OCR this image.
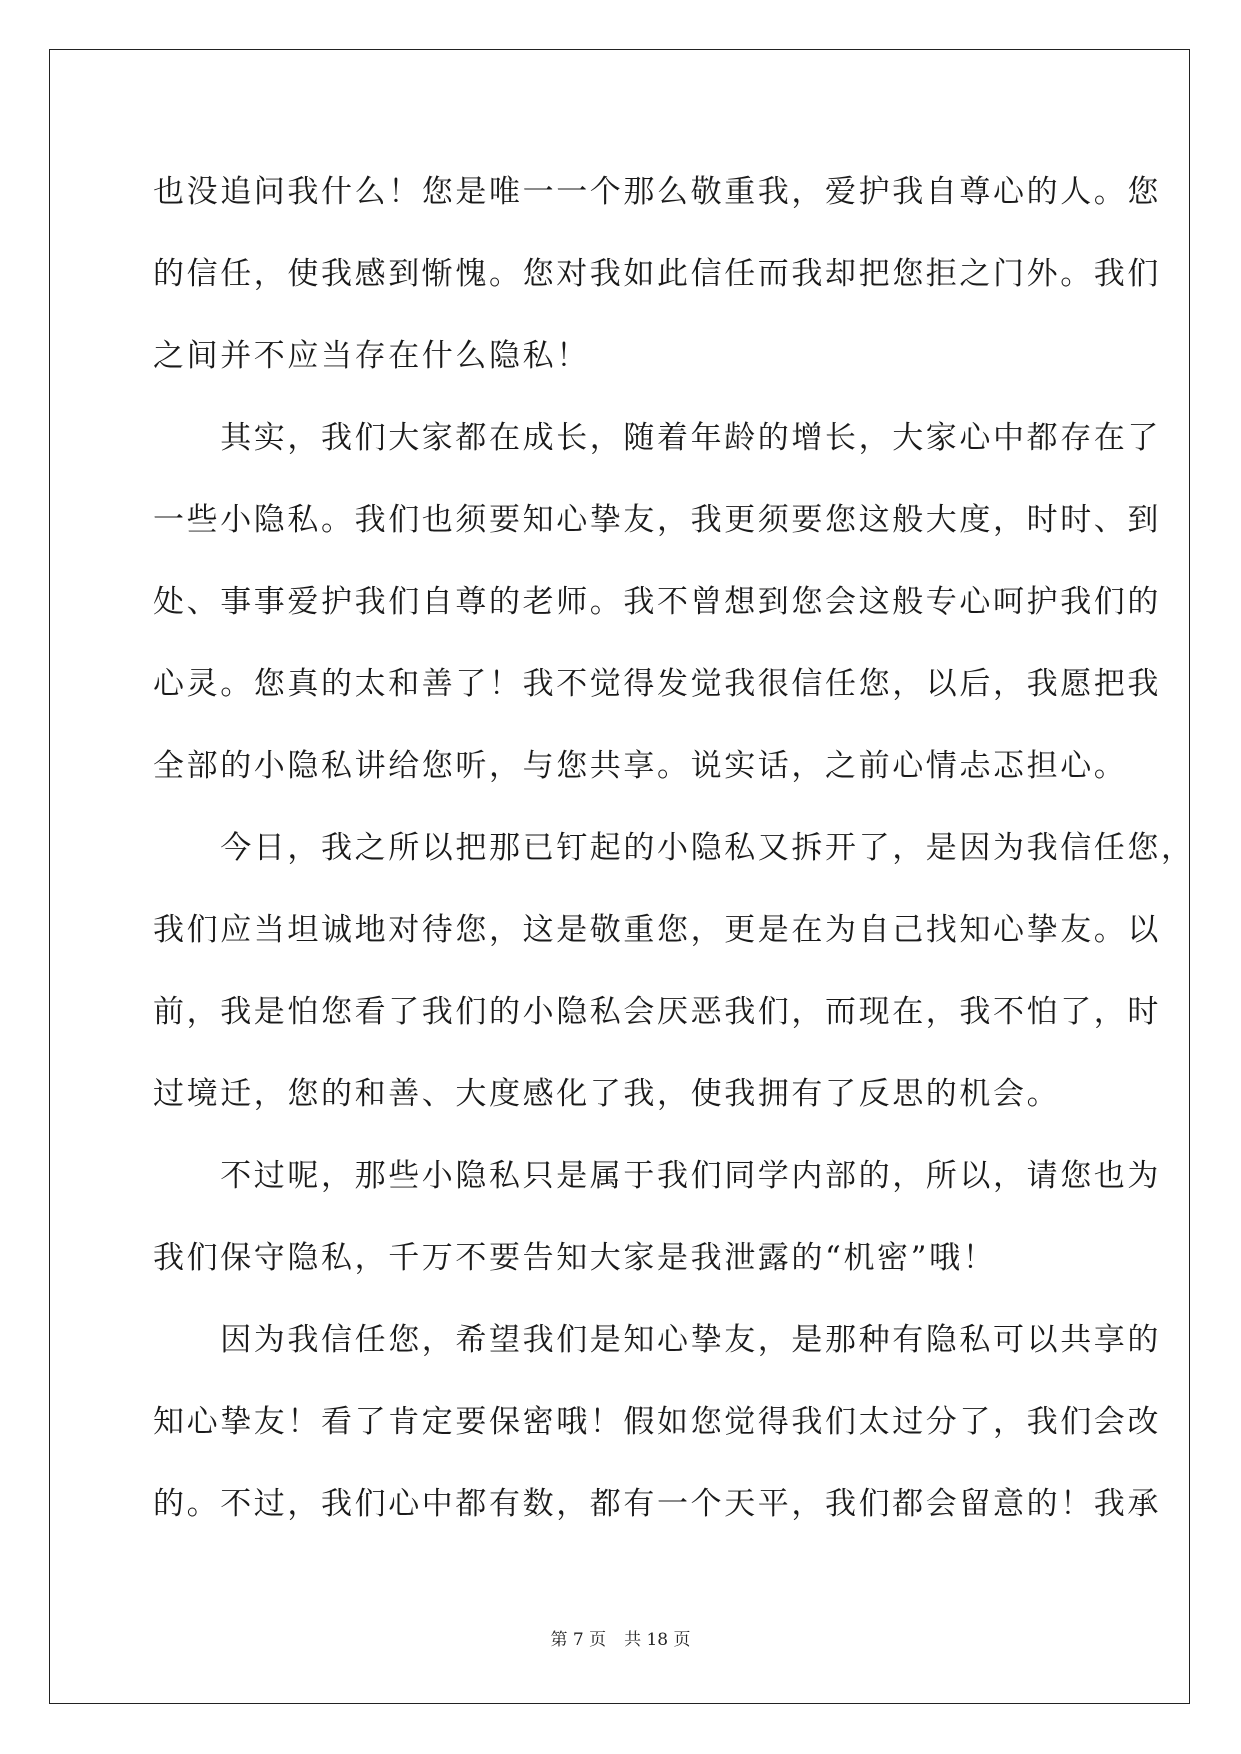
也没追问我什么！您是唯一一个那么敬重我，爱护我自尊心的人。您
的信任，使我感到惭愧。您对我如此信任而我却把您拒之门外。我们
之间并不应当存在什么隐私！
　　其实，我们大家都在成长，随着年龄的增长，大家心中都存在了
一些小隐私。我们也须要知心挚友，我更须要您这般大度，时时、到
处、事事爱护我们自尊的老师。我不曾想到您会这般专心呵护我们的
心灵。您真的太和善了！我不觉得发觉我很信任您，以后，我愿把我
全部的小隐私讲给您听，与您共享。说实话，之前心情忐忑担心。
　　今日，我之所以把那已钉起的小隐私又拆开了，是因为我信任您，
我们应当坦诚地对待您，这是敬重您，更是在为自己找知心挚友。以
前，我是怕您看了我们的小隐私会厌恶我们，而现在，我不怕了，时
过境迁，您的和善、大度感化了我，使我拥有了反思的机会。
　　不过呢，那些小隐私只是属于我们同学内部的，所以，请您也为
我们保守隐私，千万不要告知大家是我泄露的“机密”哦！
　　因为我信任您，希望我们是知心挚友，是那种有隐私可以共享的
知心挚友！看了肯定要保密哦！假如您觉得我们太过分了，我们会改
的。不过，我们心中都有数，都有一个天平，我们都会留意的！我承
第 7 页 共 18 页
